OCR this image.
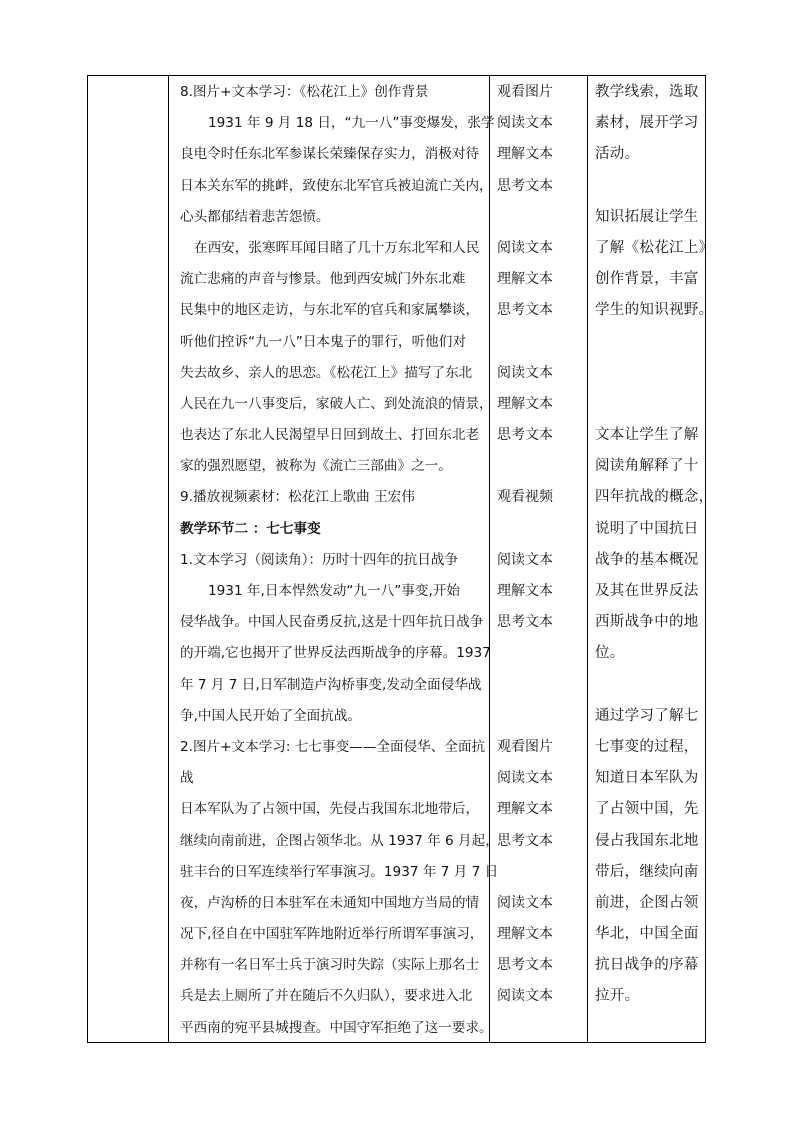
8.图片+文本学习：《松花江上》创作背景
1931 年 9 月 18 日，“九一八”事变爆发，张学
良电令时任东北军参谋长荣臻保存实力，消极对待
日本关东军的挑衅，致使东北军官兵被迫流亡关内，
心头都郁结着悲苦怨愤。
在西安，张寒晖耳闻目睹了几十万东北军和人民
流亡悲痛的声音与惨景。他到西安城门外东北难
民集中的地区走访，与东北军的官兵和家属攀谈，
听他们控诉“九一八”日本鬼子的罪行，听他们对
失去故乡、亲人的思恋。《松花江上》描写了东北
人民在九一八事变后，家破人亡、到处流浪的情景，
也表达了东北人民渴望早日回到故土、打回东北老
家的强烈愿望，被称为《流亡三部曲》之一。
9.播放视频素材：松花江上歌曲 王宏伟
教学环节二 ：七七事变
1.文本学习（阅读角）：历时十四年的抗日战争
1931 年,日本悍然发动“九一八”事变,开始
侵华战争。中国人民奋勇反抗,这是十四年抗日战争
的开端,它也揭开了世界反法西斯战争的序幕。1937
年 7 月 7 日,日军制造卢沟桥事变,发动全面侵华战
争,中国人民开始了全面抗战。
2.图片+文本学习: 七七事变——全面侵华、全面抗
战
日本军队为了占领中国，先侵占我国东北地带后，
继续向南前进，企图占领华北。从 1937 年 6 月起，
驻丰台的日军连续举行军事演习。1937 年 7 月 7 日
夜，卢沟桥的日本驻军在未通知中国地方当局的情
况下,径自在中国驻军阵地附近举行所谓军事演习，
并称有一名日军士兵于演习时失踪（实际上那名士
兵是去上厕所了并在随后不久归队），要求进入北
平西南的宛平县城搜查。中国守军拒绝了这一要求。
观看图片
阅读文本
理解文本
思考文本
阅读文本
理解文本
思考文本
阅读文本
理解文本
思考文本
观看视频
阅读文本
理解文本
思考文本
观看图片
阅读文本
理解文本
思考文本
阅读文本
理解文本
思考文本
阅读文本
教学线索，选取
素材，展开学习
活动。
知识拓展让学生
了解《松花江上》
创作背景，丰富
学生的知识视野。
文本让学生了解
阅读角解释了十
四年抗战的概念，
说明了中国抗日
战争的基本概况
及其在世界反法
西斯战争中的地
位。
通过学习了解七
七事变的过程，
知道日本军队为
了占领中国，先
侵占我国东北地
带后，继续向南
前进，企图占领
华北，中国全面
抗日战争的序幕
拉开。
